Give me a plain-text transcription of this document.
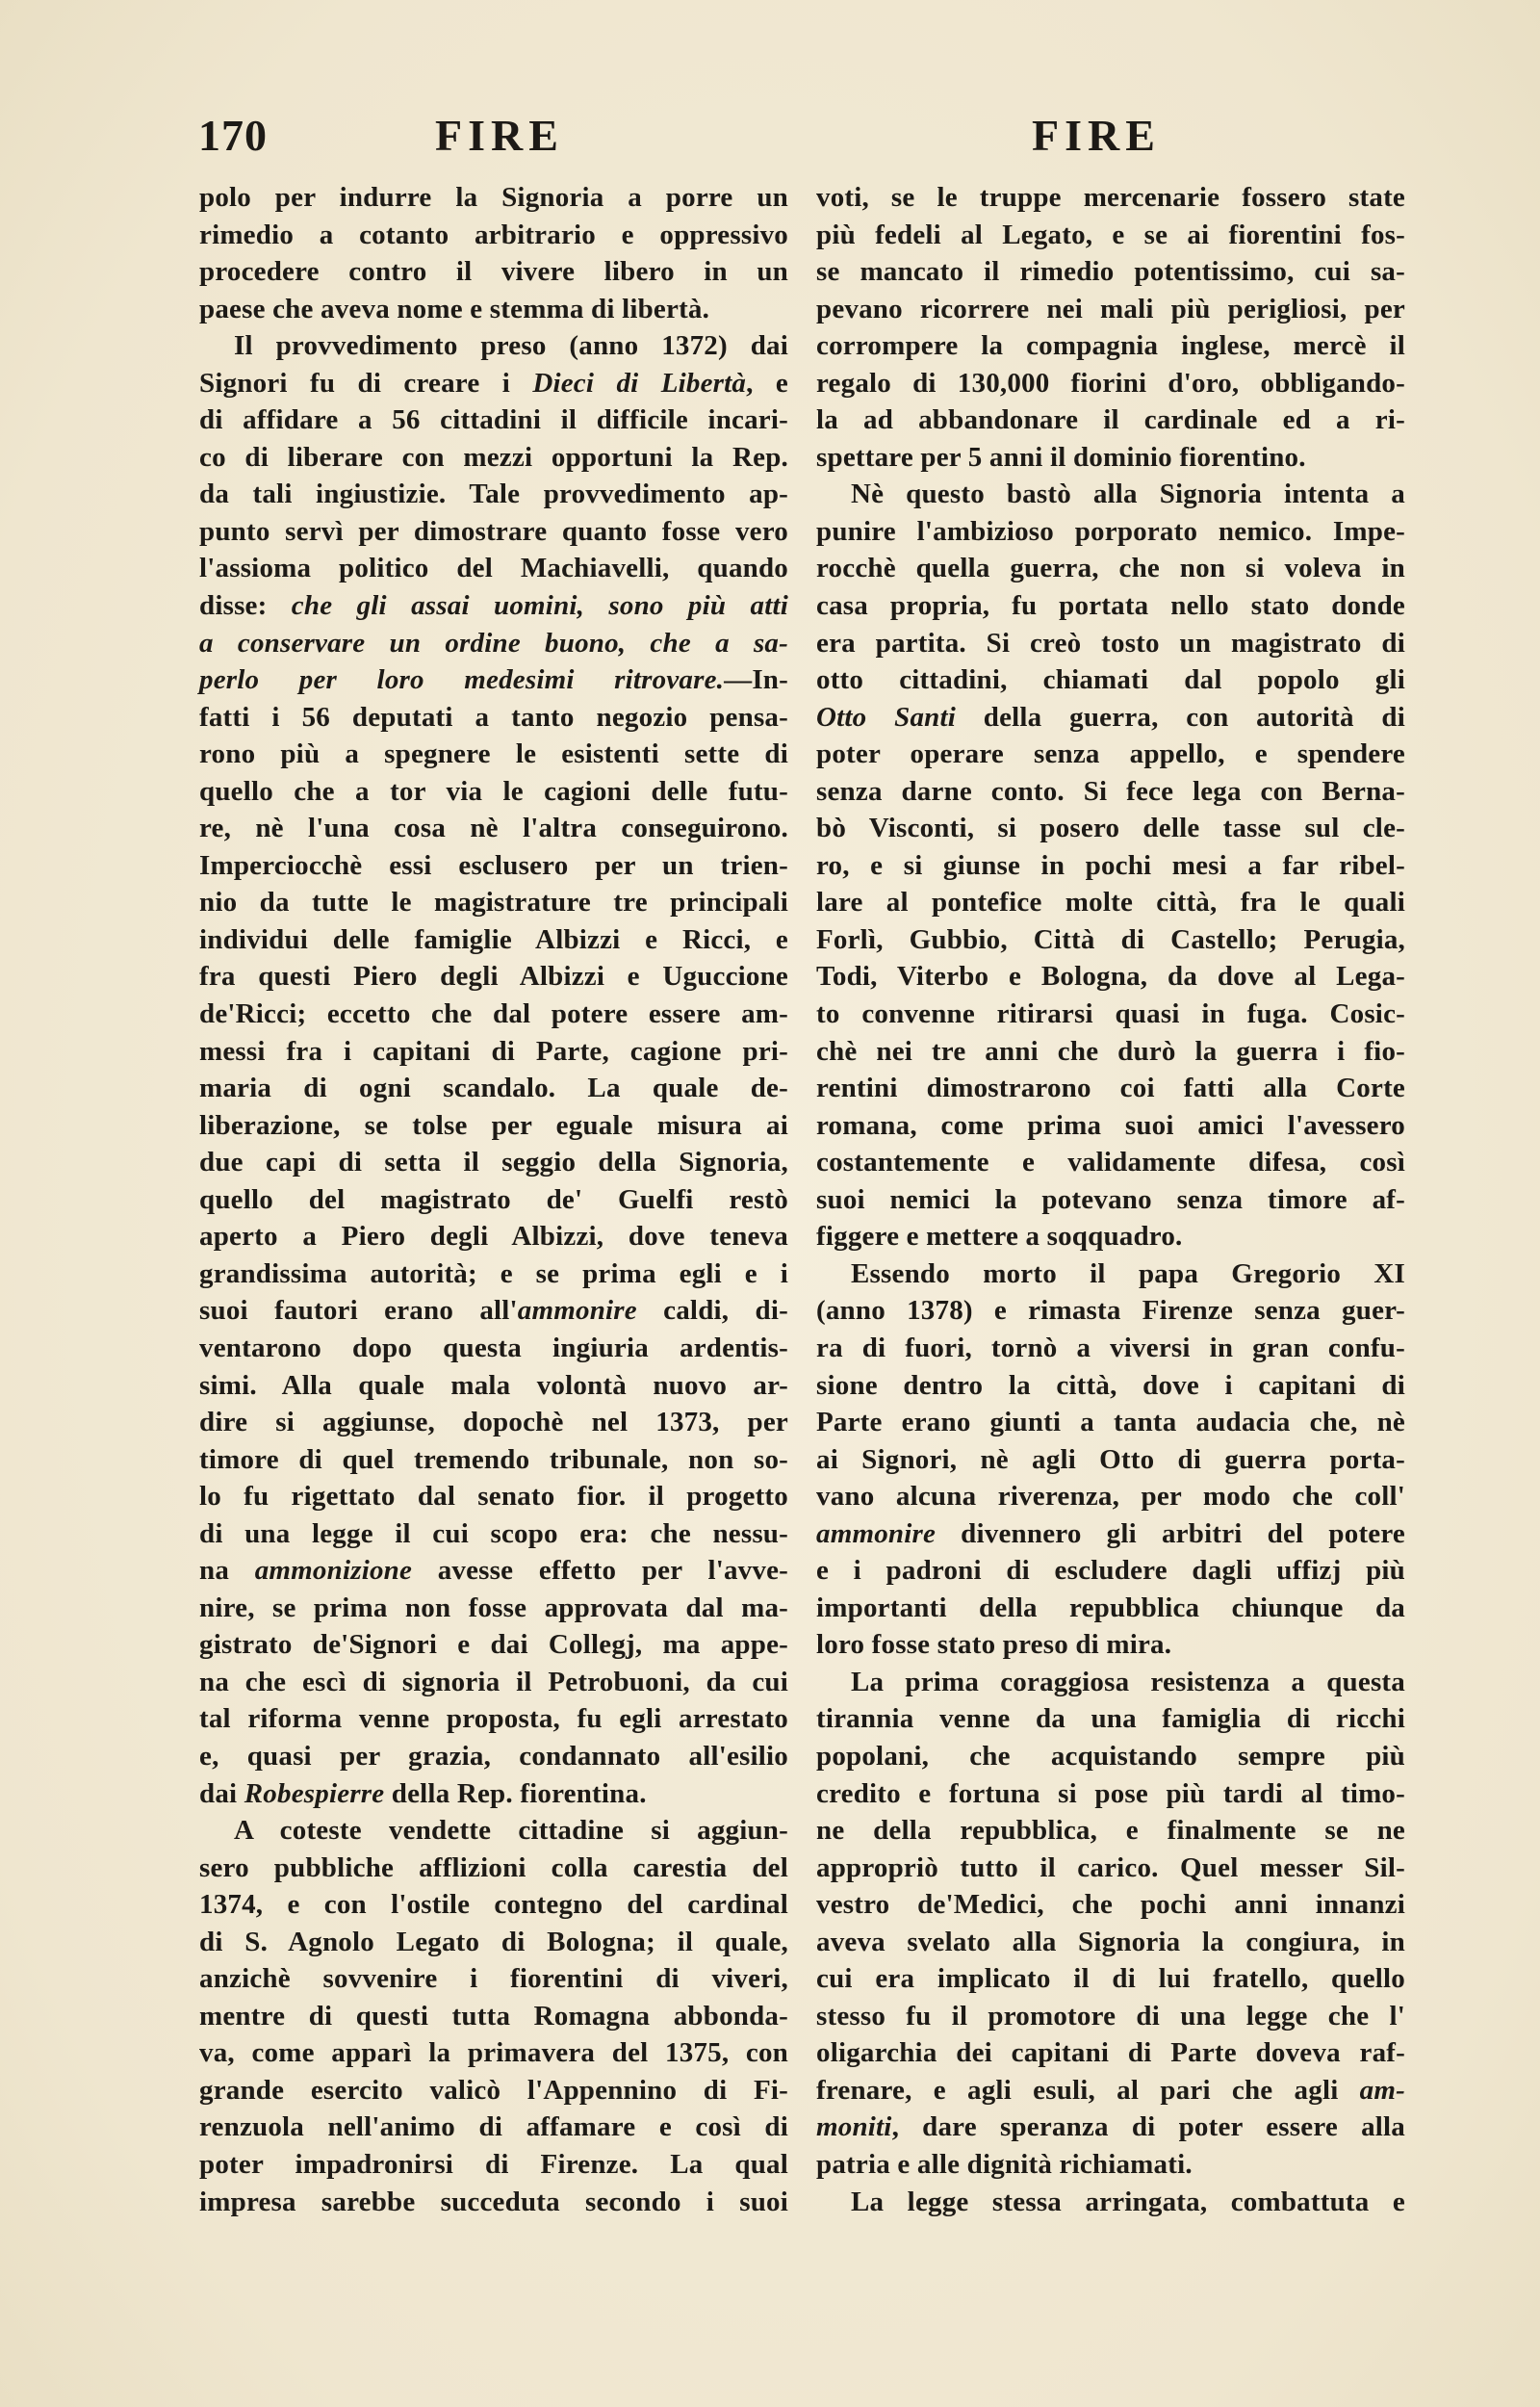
170	FIRE	FIRE
polo per indurre la Signoria a porre un
rimedio a cotanto arbitrario e oppressivo
procedere contro il vivere libero in un
paese che aveva nome e stemma di libertà.
Il provvedimento preso (anno 1372) dai
Signori fu di creare i Dieci di Libertà, e
di affidare a 56 cittadini il difficile incari-
co di liberare con mezzi opportuni la Rep.
da tali ingiustizie. Tale provvedimento ap-
punto servì per dimostrare quanto fosse vero
l'assioma politico del Machiavelli, quando
disse: che gli assai uomini, sono più atti
a conservare un ordine buono, che a sa-
perlo per loro medesimi ritrovare.—In-
fatti i 56 deputati a tanto negozio pensa-
rono più a spegnere le esistenti sette di
quello che a tor via le cagioni delle futu-
re, nè l'una cosa nè l'altra conseguirono.
Imperciocchè essi esclusero per un trien-
nio da tutte le magistrature tre principali
individui delle famiglie Albizzi e Ricci, e
fra questi Piero degli Albizzi e Uguccione
de'Ricci; eccetto che dal potere essere am-
messi fra i capitani di Parte, cagione pri-
maria di ogni scandalo. La quale de-
liberazione, se tolse per eguale misura ai
due capi di setta il seggio della Signoria,
quello del magistrato de' Guelfi restò
aperto a Piero degli Albizzi, dove teneva
grandissima autorità; e se prima egli e i
suoi fautori erano all'ammonire caldi, di-
ventarono dopo questa ingiuria ardentis-
simi. Alla quale mala volontà nuovo ar-
dire si aggiunse, dopochè nel 1373, per
timore di quel tremendo tribunale, non so-
lo fu rigettato dal senato fior. il progetto
di una legge il cui scopo era: che nessu-
na ammonizione avesse effetto per l'avve-
nire, se prima non fosse approvata dal ma-
gistrato de'Signori e dai Collegj, ma appe-
na che escì di signoria il Petrobuoni, da cui
tal riforma venne proposta, fu egli arrestato
e, quasi per grazia, condannato all'esilio
dai Robespierre della Rep. fiorentina.
A coteste vendette cittadine si aggiun-
sero pubbliche afflizioni colla carestia del
1374, e con l'ostile contegno del cardinal
di S. Agnolo Legato di Bologna; il quale,
anzichè sovvenire i fiorentini di viveri,
mentre di questi tutta Romagna abbonda-
va, come apparì la primavera del 1375, con
grande esercito valicò l'Appennino di Fi-
renzuola nell'animo di affamare e così di
poter impadronirsi di Firenze. La qual
impresa sarebbe succeduta secondo i suoi
voti, se le truppe mercenarie fossero state
più fedeli al Legato, e se ai fiorentini fos-
se mancato il rimedio potentissimo, cui sa-
pevano ricorrere nei mali più perigliosi, per
corrompere la compagnia inglese, mercè il
regalo di 130,000 fiorini d'oro, obbligando-
la ad abbandonare il cardinale ed a ri-
spettare per 5 anni il dominio fiorentino.
Nè questo bastò alla Signoria intenta a
punire l'ambizioso porporato nemico. Impe-
rocchè quella guerra, che non si voleva in
casa propria, fu portata nello stato donde
era partita. Si creò tosto un magistrato di
otto cittadini, chiamati dal popolo gli
Otto Santi della guerra, con autorità di
poter operare senza appello, e spendere
senza darne conto. Si fece lega con Berna-
bò Visconti, si posero delle tasse sul cle-
ro, e si giunse in pochi mesi a far ribel-
lare al pontefice molte città, fra le quali
Forlì, Gubbio, Città di Castello; Perugia,
Todi, Viterbo e Bologna, da dove al Lega-
to convenne ritirarsi quasi in fuga. Cosic-
chè nei tre anni che durò la guerra i fio-
rentini dimostrarono coi fatti alla Corte
romana, come prima suoi amici l'avessero
costantemente e validamente difesa, così
suoi nemici la potevano senza timore af-
figgere e mettere a soqquadro.
Essendo morto il papa Gregorio XI
(anno 1378) e rimasta Firenze senza guer-
ra di fuori, tornò a viversi in gran confu-
sione dentro la città, dove i capitani di
Parte erano giunti a tanta audacia che, nè
ai Signori, nè agli Otto di guerra porta-
vano alcuna riverenza, per modo che coll'
ammonire divennero gli arbitri del potere
e i padroni di escludere dagli uffizj più
importanti della repubblica chiunque da
loro fosse stato preso di mira.
La prima coraggiosa resistenza a questa
tirannia venne da una famiglia di ricchi
popolani, che acquistando sempre più
credito e fortuna si pose più tardi al timo-
ne della repubblica, e finalmente se ne
appropriò tutto il carico. Quel messer Sil-
vestro de'Medici, che pochi anni innanzi
aveva svelato alla Signoria la congiura, in
cui era implicato il di lui fratello, quello
stesso fu il promotore di una legge che l'
oligarchia dei capitani di Parte doveva raf-
frenare, e agli esuli, al pari che agli am-
moniti, dare speranza di poter essere alla
patria e alle dignità richiamati.
La legge stessa arringata, combattuta e
